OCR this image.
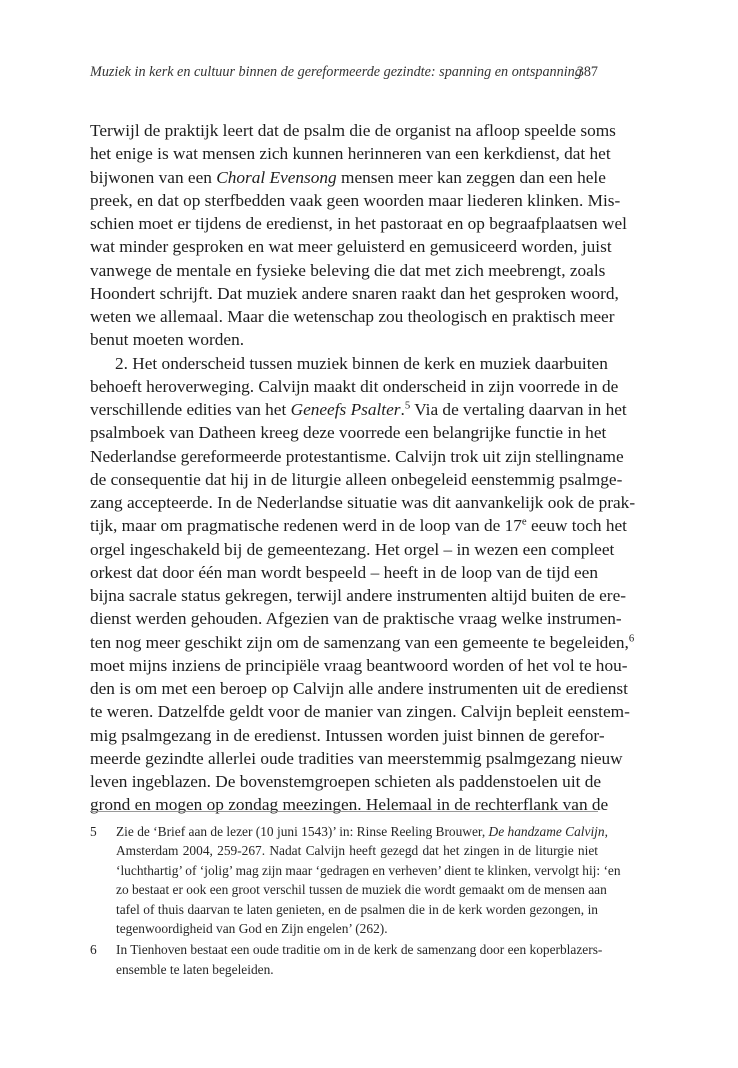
Muziek in kerk en cultuur binnen de gereformeerde gezindte: spanning en ontspanning
387
Terwijl de praktijk leert dat de psalm die de organist na afloop speelde soms
het enige is wat mensen zich kunnen herinneren van een kerkdienst, dat het
bijwonen van een Choral Evensong mensen meer kan zeggen dan een hele
preek, en dat op sterfbedden vaak geen woorden maar liederen klinken. Mis-
schien moet er tijdens de eredienst, in het pastoraat en op begraafplaatsen wel
wat minder gesproken en wat meer geluisterd en gemusiceerd worden, juist
vanwege de mentale en fysieke beleving die dat met zich meebrengt, zoals
Hoondert schrijft. Dat muziek andere snaren raakt dan het gesproken woord,
weten we allemaal. Maar die wetenschap zou theologisch en praktisch meer
benut moeten worden.
2. Het onderscheid tussen muziek binnen de kerk en muziek daarbuiten
behoeft heroverweging. Calvijn maakt dit onderscheid in zijn voorrede in de
verschillende edities van het Geneefs Psalter.$^5$ Via de vertaling daarvan in het
psalmboek van Datheen kreeg deze voorrede een belangrijke functie in het
Nederlandse gereformeerde protestantisme. Calvijn trok uit zijn stellingname
de consequentie dat hij in de liturgie alleen onbegeleid eenstemmig psalmge-
zang accepteerde. In de Nederlandse situatie was dit aanvankelijk ook de prak-
tijk, maar om pragmatische redenen werd in de loop van de 17e eeuw toch het
orgel ingeschakeld bij de gemeentezang. Het orgel – in wezen een compleet
orkest dat door één man wordt bespeeld – heeft in de loop van de tijd een
bijna sacrale status gekregen, terwijl andere instrumenten altijd buiten de ere-
dienst werden gehouden. Afgezien van de praktische vraag welke instrumen-
ten nog meer geschikt zijn om de samenzang van een gemeente te begeleiden,$^6$
moet mijns inziens de principiële vraag beantwoord worden of het vol te hou-
den is om met een beroep op Calvijn alle andere instrumenten uit de eredienst
te weren. Datzelfde geldt voor de manier van zingen. Calvijn bepleit eenstem-
mig psalmgezang in de eredienst. Intussen worden juist binnen de gerefor-
meerde gezindte allerlei oude tradities van meerstemmig psalmgezang nieuw
leven ingeblazen. De bovenstemgroepen schieten als paddenstoelen uit de
grond en mogen op zondag meezingen. Helemaal in de rechterflank van de
5 Zie de ‘Brief aan de lezer (10 juni 1543)’ in: Rinse Reeling Brouwer, De handzame Calvijn,
Amsterdam 2004, 259-267. Nadat Calvijn heeft gezegd dat het zingen in de liturgie niet
‘luchthartig’ of ‘jolig’ mag zijn maar ‘gedragen en verheven’ dient te klinken, vervolgt hij: ‘en
zo bestaat er ook een groot verschil tussen de muziek die wordt gemaakt om de mensen aan
tafel of thuis daarvan te laten genieten, en de psalmen die in de kerk worden gezongen, in
tegenwoordigheid van God en Zijn engelen’ (262).
6 In Tienhoven bestaat een oude traditie om in de kerk de samenzang door een koperblazers-
ensemble te laten begeleiden.
